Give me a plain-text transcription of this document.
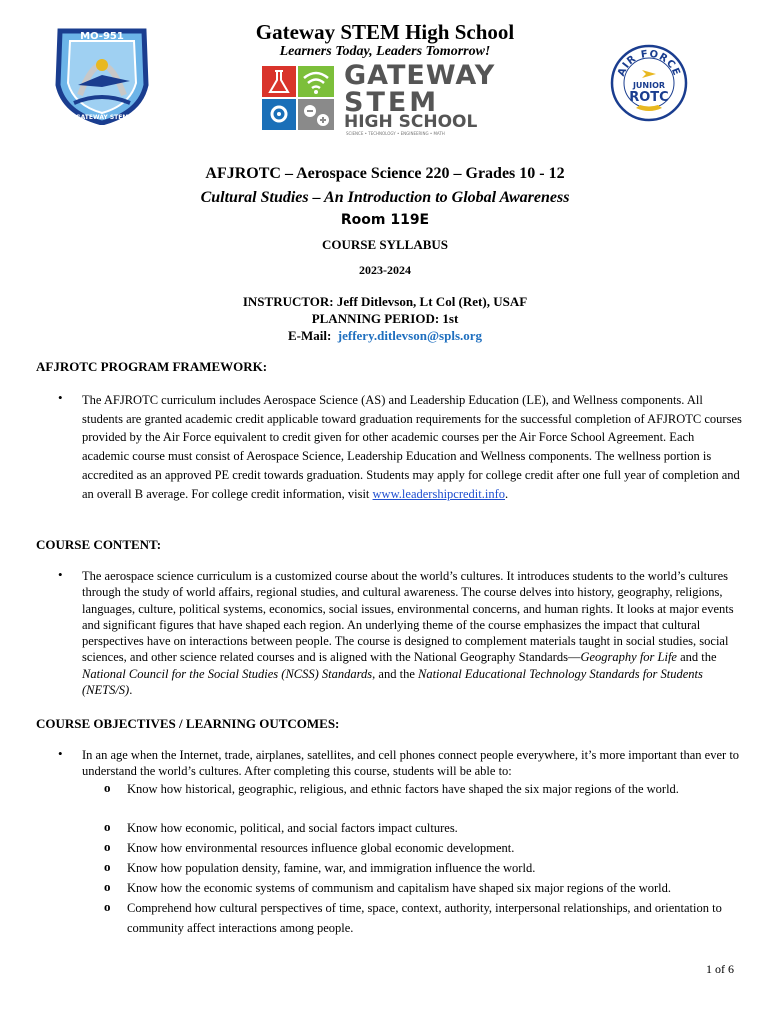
MO-951
GATEWAY STEM
Gateway STEM High School
Learners Today, Leaders Tomorrow!
GATEWAY
STEM
HIGH SCHOOL
SCIENCE • TECHNOLOGY • ENGINEERING • MATH
AIR FORCE
JUNIOR
ROTC
AFJROTC – Aerospace Science 220 – Grades 10 - 12
Cultural Studies – An Introduction to Global Awareness
Room 119E
COURSE SYLLABUS
2023-2024
INSTRUCTOR: Jeff Ditlevson, Lt Col (Ret), USAF
PLANNING PERIOD: 1st
E-Mail: jeffery.ditlevson@spls.org
AFJROTC PROGRAM FRAMEWORK:
• The AFJROTC curriculum includes Aerospace Science (AS) and Leadership Education (LE), and Wellness components. All students are granted academic credit applicable toward graduation requirements for the successful completion of AFJROTC courses provided by the Air Force equivalent to credit given for other academic courses per the Air Force School Agreement. Each academic course must consist of Aerospace Science, Leadership Education and Wellness components. The wellness portion is accredited as an approved PE credit towards graduation. Students may apply for college credit after one full year of completion and an overall B average. For college credit information, visit www.leadershipcredit.info.
COURSE CONTENT:
• The aerospace science curriculum is a customized course about the world’s cultures. It introduces students to the world’s cultures through the study of world affairs, regional studies, and cultural awareness. The course delves into history, geography, religions, languages, culture, political systems, economics, social issues, environmental concerns, and human rights. It looks at major events and significant figures that have shaped each region. An underlying theme of the course emphasizes the impact that cultural perspectives have on interactions between people. The course is designed to complement materials taught in social studies, social sciences, and other science related courses and is aligned with the National Geography Standards—Geography for Life and the National Council for the Social Studies (NCSS) Standards, and the National Educational Technology Standards for Students (NETS/S).
COURSE OBJECTIVES / LEARNING OUTCOMES:
• In an age when the Internet, trade, airplanes, satellites, and cell phones connect people everywhere, it’s more important than ever to understand the world’s cultures. After completing this course, students will be able to:
o Know how historical, geographic, religious, and ethnic factors have shaped the six major regions of the world.
o Know how economic, political, and social factors impact cultures.
o Know how environmental resources influence global economic development.
o Know how population density, famine, war, and immigration influence the world.
o Know how the economic systems of communism and capitalism have shaped six major regions of the world.
o Comprehend how cultural perspectives of time, space, context, authority, interpersonal relationships, and orientation to community affect interactions among people.
1 of 6
